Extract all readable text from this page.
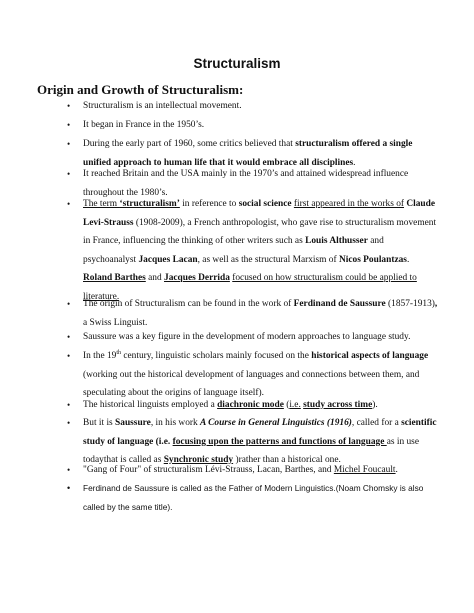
Structuralism
Origin and Growth of Structuralism:
• Structuralism is an intellectual movement.
• It began in France in the 1950’s.
• During the early part of 1960, some critics believed that structuralism offered a single unified approach to human life that it would embrace all disciplines.
• It reached Britain and the USA mainly in the 1970’s and attained widespread influence throughout the 1980’s.
• The term ‘structuralism’ in reference to social science first appeared in the works of Claude Levi-Strauss (1908-2009), a French anthropologist, who gave rise to structuralism movement in France, influencing the thinking of other writers such as Louis Althusser and psychoanalyst Jacques Lacan, as well as the structural Marxism of Nicos Poulantzas. Roland Barthes and Jacques Derrida focused on how structuralism could be applied to literature.
• The origin of Structuralism can be found in the work of Ferdinand de Saussure (1857-1913), a Swiss Linguist.
• Saussure was a key figure in the development of modern approaches to language study.
• In the 19th century, linguistic scholars mainly focused on the historical aspects of language (working out the historical development of languages and connections between them, and speculating about the origins of language itself).
• The historical linguists employed a diachronic mode (i.e. study across time).
• But it is Saussure, in his work A Course in General Linguistics (1916), called for a scientific study of language (i.e. focusing upon the patterns and functions of language as in use todaythat is called as Synchronic study )rather than a historical one.
• "Gang of Four" of structuralism Lévi-Strauss, Lacan, Barthes, and Michel Foucault.
• Ferdinand de Saussure is called as the Father of Modern Linguistics.(Noam Chomsky is also called by the same title).
